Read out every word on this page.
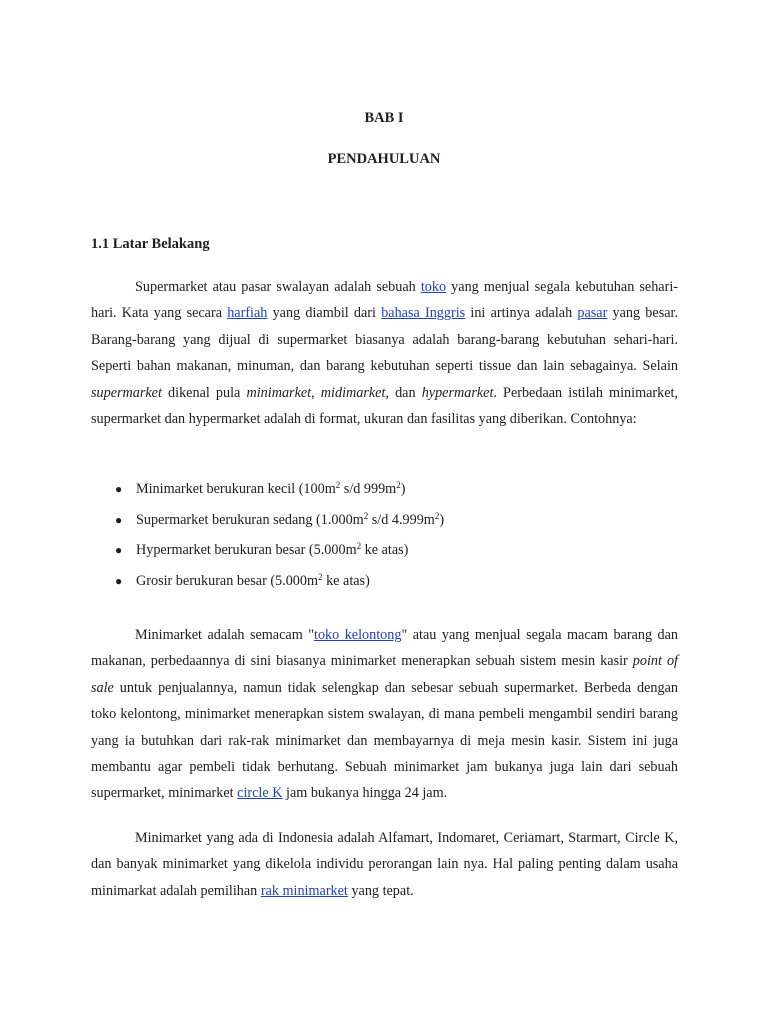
BAB I
PENDAHULUAN
1.1 Latar Belakang

Supermarket atau pasar swalayan adalah sebuah toko yang menjual segala kebutuhan sehari-hari. Kata yang secara harfiah yang diambil dari bahasa Inggris ini artinya adalah pasar yang besar. Barang-barang yang dijual di supermarket biasanya adalah barang-barang kebutuhan sehari-hari. Seperti bahan makanan, minuman, dan barang kebutuhan seperti tissue dan lain sebagainya. Selain supermarket dikenal pula minimarket, midimarket, dan hypermarket. Perbedaan istilah minimarket, supermarket dan hypermarket adalah di format, ukuran dan fasilitas yang diberikan. Contohnya:

● Minimarket berukuran kecil ($100m^2$ s/d $999m^2$)
● Supermarket berukuran sedang ($1.000m^2$ s/d $4.999m^2$)
● Hypermarket berukuran besar ($5.000m^2$ ke atas)
● Grosir berukuran besar ($5.000m^2$ ke atas)

Minimarket adalah semacam "toko kelontong" atau yang menjual segala macam barang dan makanan, perbedaannya di sini biasanya minimarket menerapkan sebuah sistem mesin kasir point of sale untuk penjualannya, namun tidak selengkap dan sebesar sebuah supermarket. Berbeda dengan toko kelontong, minimarket menerapkan sistem swalayan, di mana pembeli mengambil sendiri barang yang ia butuhkan dari rak-rak minimarket dan membayarnya di meja mesin kasir. Sistem ini juga membantu agar pembeli tidak berhutang. Sebuah minimarket jam bukanya juga lain dari sebuah supermarket, minimarket circle K jam bukanya hingga 24 jam.

Minimarket yang ada di Indonesia adalah Alfamart, Indomaret, Ceriamart, Starmart, Circle K, dan banyak minimarket yang dikelola individu perorangan lain nya. Hal paling penting dalam usaha minimarkat adalah pemilihan rak minimarket yang tepat.
